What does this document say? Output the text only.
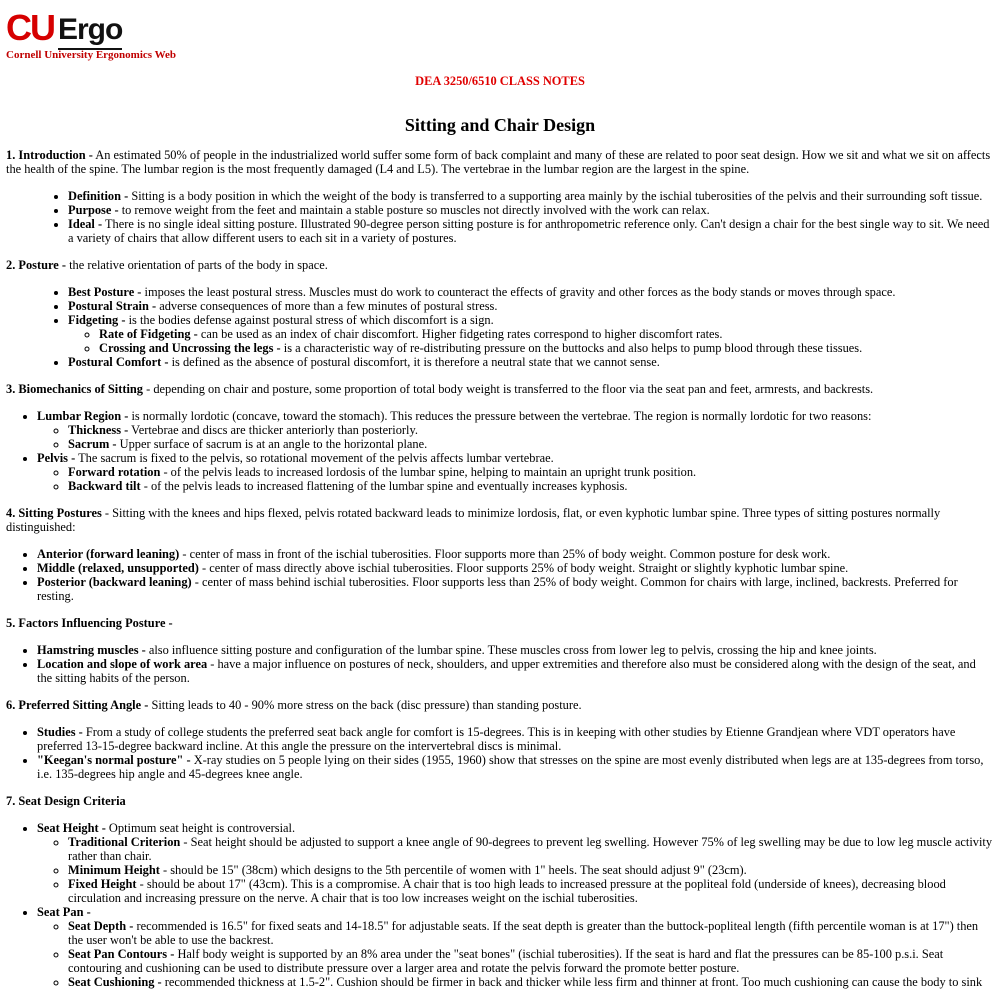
CU Ergo
Cornell University Ergonomics Web
DEA 3250/6510 CLASS NOTES
Sitting and Chair Design

1. Introduction - An estimated 50% of people in the industrialized world suffer some form of back complaint and many of these are related to poor seat design. How we sit and what we sit on affects the health of the spine. The lumbar region is the most frequently damaged (L4 and L5). The vertebrae in the lumbar region are the largest in the spine.

• Definition - Sitting is a body position in which the weight of the body is transferred to a supporting area mainly by the ischial tuberosities of the pelvis and their surrounding soft tissue.
• Purpose - to remove weight from the feet and maintain a stable posture so muscles not directly involved with the work can relax.
• Ideal - There is no single ideal sitting posture. Illustrated 90-degree person sitting posture is for anthropometric reference only. Can't design a chair for the best single way to sit. We need a variety of chairs that allow different users to each sit in a variety of postures.

2. Posture - the relative orientation of parts of the body in space.

• Best Posture - imposes the least postural stress. Muscles must do work to counteract the effects of gravity and other forces as the body stands or moves through space.
• Postural Strain - adverse consequences of more than a few minutes of postural stress.
• Fidgeting - is the bodies defense against postural stress of which discomfort is a sign.
◦ Rate of Fidgeting - can be used as an index of chair discomfort. Higher fidgeting rates correspond to higher discomfort rates.
◦ Crossing and Uncrossing the legs - is a characteristic way of re-distributing pressure on the buttocks and also helps to pump blood through these tissues.
• Postural Comfort - is defined as the absence of postural discomfort, it is therefore a neutral state that we cannot sense.

3. Biomechanics of Sitting - depending on chair and posture, some proportion of total body weight is transferred to the floor via the seat pan and feet, armrests, and backrests.

• Lumbar Region - is normally lordotic (concave, toward the stomach). This reduces the pressure between the vertebrae. The region is normally lordotic for two reasons:
◦ Thickness - Vertebrae and discs are thicker anteriorly than posteriorly.
◦ Sacrum - Upper surface of sacrum is at an angle to the horizontal plane.
• Pelvis - The sacrum is fixed to the pelvis, so rotational movement of the pelvis affects lumbar vertebrae.
◦ Forward rotation - of the pelvis leads to increased lordosis of the lumbar spine, helping to maintain an upright trunk position.
◦ Backward tilt - of the pelvis leads to increased flattening of the lumbar spine and eventually increases kyphosis.

4. Sitting Postures - Sitting with the knees and hips flexed, pelvis rotated backward leads to minimize lordosis, flat, or even kyphotic lumbar spine. Three types of sitting postures normally distinguished:

• Anterior (forward leaning) - center of mass in front of the ischial tuberosities. Floor supports more than 25% of body weight. Common posture for desk work.
• Middle (relaxed, unsupported) - center of mass directly above ischial tuberosities. Floor supports 25% of body weight. Straight or slightly kyphotic lumbar spine.
• Posterior (backward leaning) - center of mass behind ischial tuberosities. Floor supports less than 25% of body weight. Common for chairs with large, inclined, backrests. Preferred for resting.

5. Factors Influencing Posture -

• Hamstring muscles - also influence sitting posture and configuration of the lumbar spine. These muscles cross from lower leg to pelvis, crossing the hip and knee joints.
• Location and slope of work area - have a major influence on postures of neck, shoulders, and upper extremities and therefore also must be considered along with the design of the seat, and the sitting habits of the person.

6. Preferred Sitting Angle - Sitting leads to 40 - 90% more stress on the back (disc pressure) than standing posture.

• Studies - From a study of college students the preferred seat back angle for comfort is 15-degrees. This is in keeping with other studies by Etienne Grandjean where VDT operators have preferred 13-15-degree backward incline. At this angle the pressure on the intervertebral discs is minimal.
• "Keegan's normal posture" - X-ray studies on 5 people lying on their sides (1955, 1960) show that stresses on the spine are most evenly distributed when legs are at 135-degrees from torso, i.e. 135-degrees hip angle and 45-degrees knee angle.

7. Seat Design Criteria

• Seat Height - Optimum seat height is controversial.
◦ Traditional Criterion - Seat height should be adjusted to support a knee angle of 90-degrees to prevent leg swelling. However 75% of leg swelling may be due to low leg muscle activity rather than chair.
◦ Minimum Height - should be 15" (38cm) which designs to the 5th percentile of women with 1" heels. The seat should adjust 9" (23cm).
◦ Fixed Height - should be about 17" (43cm). This is a compromise. A chair that is too high leads to increased pressure at the popliteal fold (underside of knees), decreasing blood circulation and increasing pressure on the nerve. A chair that is too low increases weight on the ischial tuberosities.
• Seat Pan -
◦ Seat Depth - recommended is 16.5" for fixed seats and 14-18.5" for adjustable seats. If the seat depth is greater than the buttock-popliteal length (fifth percentile woman is at 17") then the user won't be able to use the backrest.
◦ Seat Pan Contours - Half body weight is supported by an 8% area under the "seat bones" (ischial tuberosities). If the seat is hard and flat the pressures can be 85-100 p.s.i. Seat contouring and cushioning can be used to distribute pressure over a larger area and rotate the pelvis forward the promote better posture.
◦ Seat Cushioning - recommended thickness at 1.5-2". Cushion should be firmer in back and thicker while less firm and thinner at front. Too much cushioning can cause the body to sink
